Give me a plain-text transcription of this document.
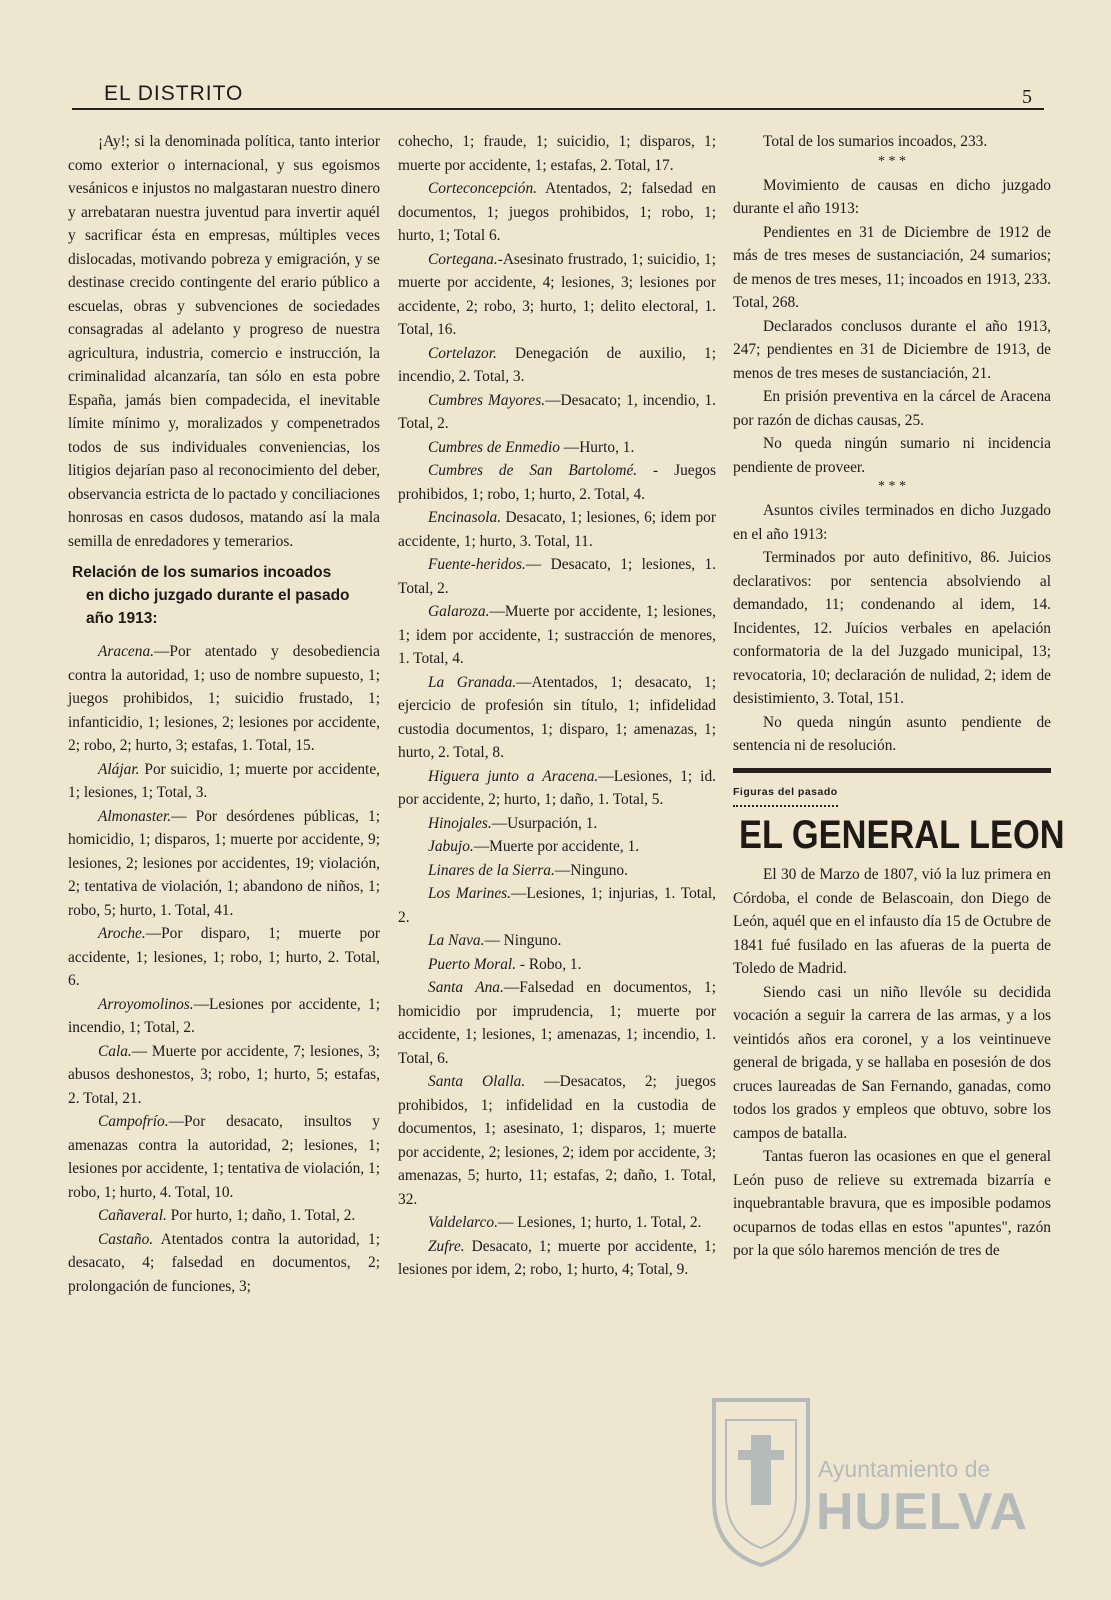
EL DISTRITO	5

¡Ay!; si la denominada política, tanto interior como exterior o internacional, y sus egoismos vesánicos e injustos no malgastaran nuestro dinero y arrebataran nuestra juventud para invertir aquél y sacrificar ésta en empresas, múltiples veces dislocadas, motivando pobreza y emigración, y se destinase crecido contingente del erario público a escuelas, obras y subvenciones de sociedades consagradas al adelanto y progreso de nuestra agricultura, industria, comercio e instrucción, la criminalidad alcanzaría, tan sólo en esta pobre España, jamás bien compadecida, el inevitable límite mínimo y, moralizados y compenetrados todos de sus individuales conveniencias, los litigios dejarían paso al reconocimiento del deber, observancia estricta de lo pactado y conciliaciones honrosas en casos dudosos, matando así la mala semilla de enredadores y temerarios.

Relación de los sumarios incoados
en dicho juzgado durante el pasado año 1913:

Aracena.—Por atentado y desobediencia contra la autoridad, 1; uso de nombre supuesto, 1; juegos prohibidos, 1; suicidio frustado, 1; infanticidio, 1; lesiones, 2; lesiones por accidente, 2; robo, 2; hurto, 3; estafas, 1. Total, 15.

Alájar. Por suicidio, 1; muerte por accidente, 1; lesiones, 1; Total, 3.

Almonaster.— Por desórdenes públicas, 1; homicidio, 1; disparos, 1; muerte por accidente, 9; lesiones, 2; lesiones por accidentes, 19; violación, 2; tentativa de violación, 1; abandono de niños, 1; robo, 5; hurto, 1. Total, 41.

Aroche.—Por disparo, 1; muerte por accidente, 1; lesiones, 1; robo, 1; hurto, 2. Total, 6.

Arroyomolinos.—Lesiones por accidente, 1; incendio, 1; Total, 2.

Cala.— Muerte por accidente, 7; lesiones, 3; abusos deshonestos, 3; robo, 1; hurto, 5; estafas, 2. Total, 21.

Campofrío.—Por desacato, insultos y amenazas contra la autoridad, 2; lesiones, 1; lesiones por accidente, 1; tentativa de violación, 1; robo, 1; hurto, 4. Total, 10.

Cañaveral. Por hurto, 1; daño, 1. Total, 2.

Castaño. Atentados contra la autoridad, 1; desacato, 4; falsedad en documentos, 2; prolongación de funciones, 3;

cohecho, 1; fraude, 1; suicidio, 1; disparos, 1; muerte por accidente, 1; estafas, 2. Total, 17.

Corteconcepción. Atentados, 2; falsedad en documentos, 1; juegos prohibidos, 1; robo, 1; hurto, 1; Total 6.

Cortegana.-Asesinato frustrado, 1; suicidio, 1; muerte por accidente, 4; lesiones, 3; lesiones por accidente, 2; robo, 3; hurto, 1; delito electoral, 1. Total, 16.

Cortelazor. Denegación de auxilio, 1; incendio, 2. Total, 3.

Cumbres Mayores.—Desacato; 1, incendio, 1. Total, 2.

Cumbres de Enmedio —Hurto, 1.

Cumbres de San Bartolomé. - Juegos prohibidos, 1; robo, 1; hurto, 2. Total, 4.

Encinasola. Desacato, 1; lesiones, 6; idem por accidente, 1; hurto, 3. Total, 11.

Fuente-heridos.— Desacato, 1; lesiones, 1. Total, 2.

Galaroza.—Muerte por accidente, 1; lesiones, 1; idem por accidente, 1; sustracción de menores, 1. Total, 4.

La Granada.—Atentados, 1; desacato, 1; ejercicio de profesión sin título, 1; infidelidad custodia documentos, 1; disparo, 1; amenazas, 1; hurto, 2. Total, 8.

Higuera junto a Aracena.—Lesiones, 1; id. por accidente, 2; hurto, 1; daño, 1. Total, 5.

Hinojales.—Usurpación, 1.

Jabujo.—Muerte por accidente, 1.

Linares de la Sierra.—Ninguno.

Los Marines.—Lesiones, 1; injurias, 1. Total, 2.

La Nava.— Ninguno.

Puerto Moral. - Robo, 1.

Santa Ana.—Falsedad en documentos, 1; homicidio por imprudencia, 1; muerte por accidente, 1; lesiones, 1; amenazas, 1; incendio, 1. Total, 6.

Santa Olalla. —Desacatos, 2; juegos prohibidos, 1; infidelidad en la custodia de documentos, 1; asesinato, 1; disparos, 1; muerte por accidente, 2; lesiones, 2; idem por accidente, 3; amenazas, 5; hurto, 11; estafas, 2; daño, 1. Total, 32.

Valdelarco.— Lesiones, 1; hurto, 1. Total, 2.

Zufre. Desacato, 1; muerte por accidente, 1; lesiones por idem, 2; robo, 1; hurto, 4; Total, 9.

Total de los sumarios incoados, 233.

* * *

Movimiento de causas en dicho juzgado durante el año 1913:

Pendientes en 31 de Diciembre de 1912 de más de tres meses de sustanciación, 24 sumarios; de menos de tres meses, 11; incoados en 1913, 233. Total, 268.

Declarados conclusos durante el año 1913, 247; pendientes en 31 de Diciembre de 1913, de menos de tres meses de sustanciación, 21.

En prisión preventiva en la cárcel de Aracena por razón de dichas causas, 25.

No queda ningún sumario ni incidencia pendiente de proveer.

* * *

Asuntos civiles terminados en dicho Juzgado en el año 1913:

Terminados por auto definitivo, 86. Juicios declarativos: por sentencia absolviendo al demandado, 11; condenando al idem, 14. Incidentes, 12. Juícios verbales en apelación conformatoria de la del Juzgado municipal, 13; revocatoria, 10; declaración de nulidad, 2; idem de desistimiento, 3. Total, 151.

No queda ningún asunto pendiente de sentencia ni de resolución.

Figuras del pasado
EL GENERAL LEON

El 30 de Marzo de 1807, vió la luz primera en Córdoba, el conde de Belascoain, don Diego de León, aquél que en el infausto día 15 de Octubre de 1841 fué fusilado en las afueras de la puerta de Toledo de Madrid.

Siendo casi un niño llevóle su decidida vocación a seguir la carrera de las armas, y a los veintidós años era coronel, y a los veintinueve general de brigada, y se hallaba en posesión de dos cruces laureadas de San Fernando, ganadas, como todos los grados y empleos que obtuvo, sobre los campos de batalla.

Tantas fueron las ocasiones en que el general León puso de relieve su extremada bizarría e inquebrantable bravura, que es imposible podamos ocuparnos de todas ellas en estos "apuntes", razón por la que sólo haremos mención de tres de

Ayuntamiento de
HUELVA
